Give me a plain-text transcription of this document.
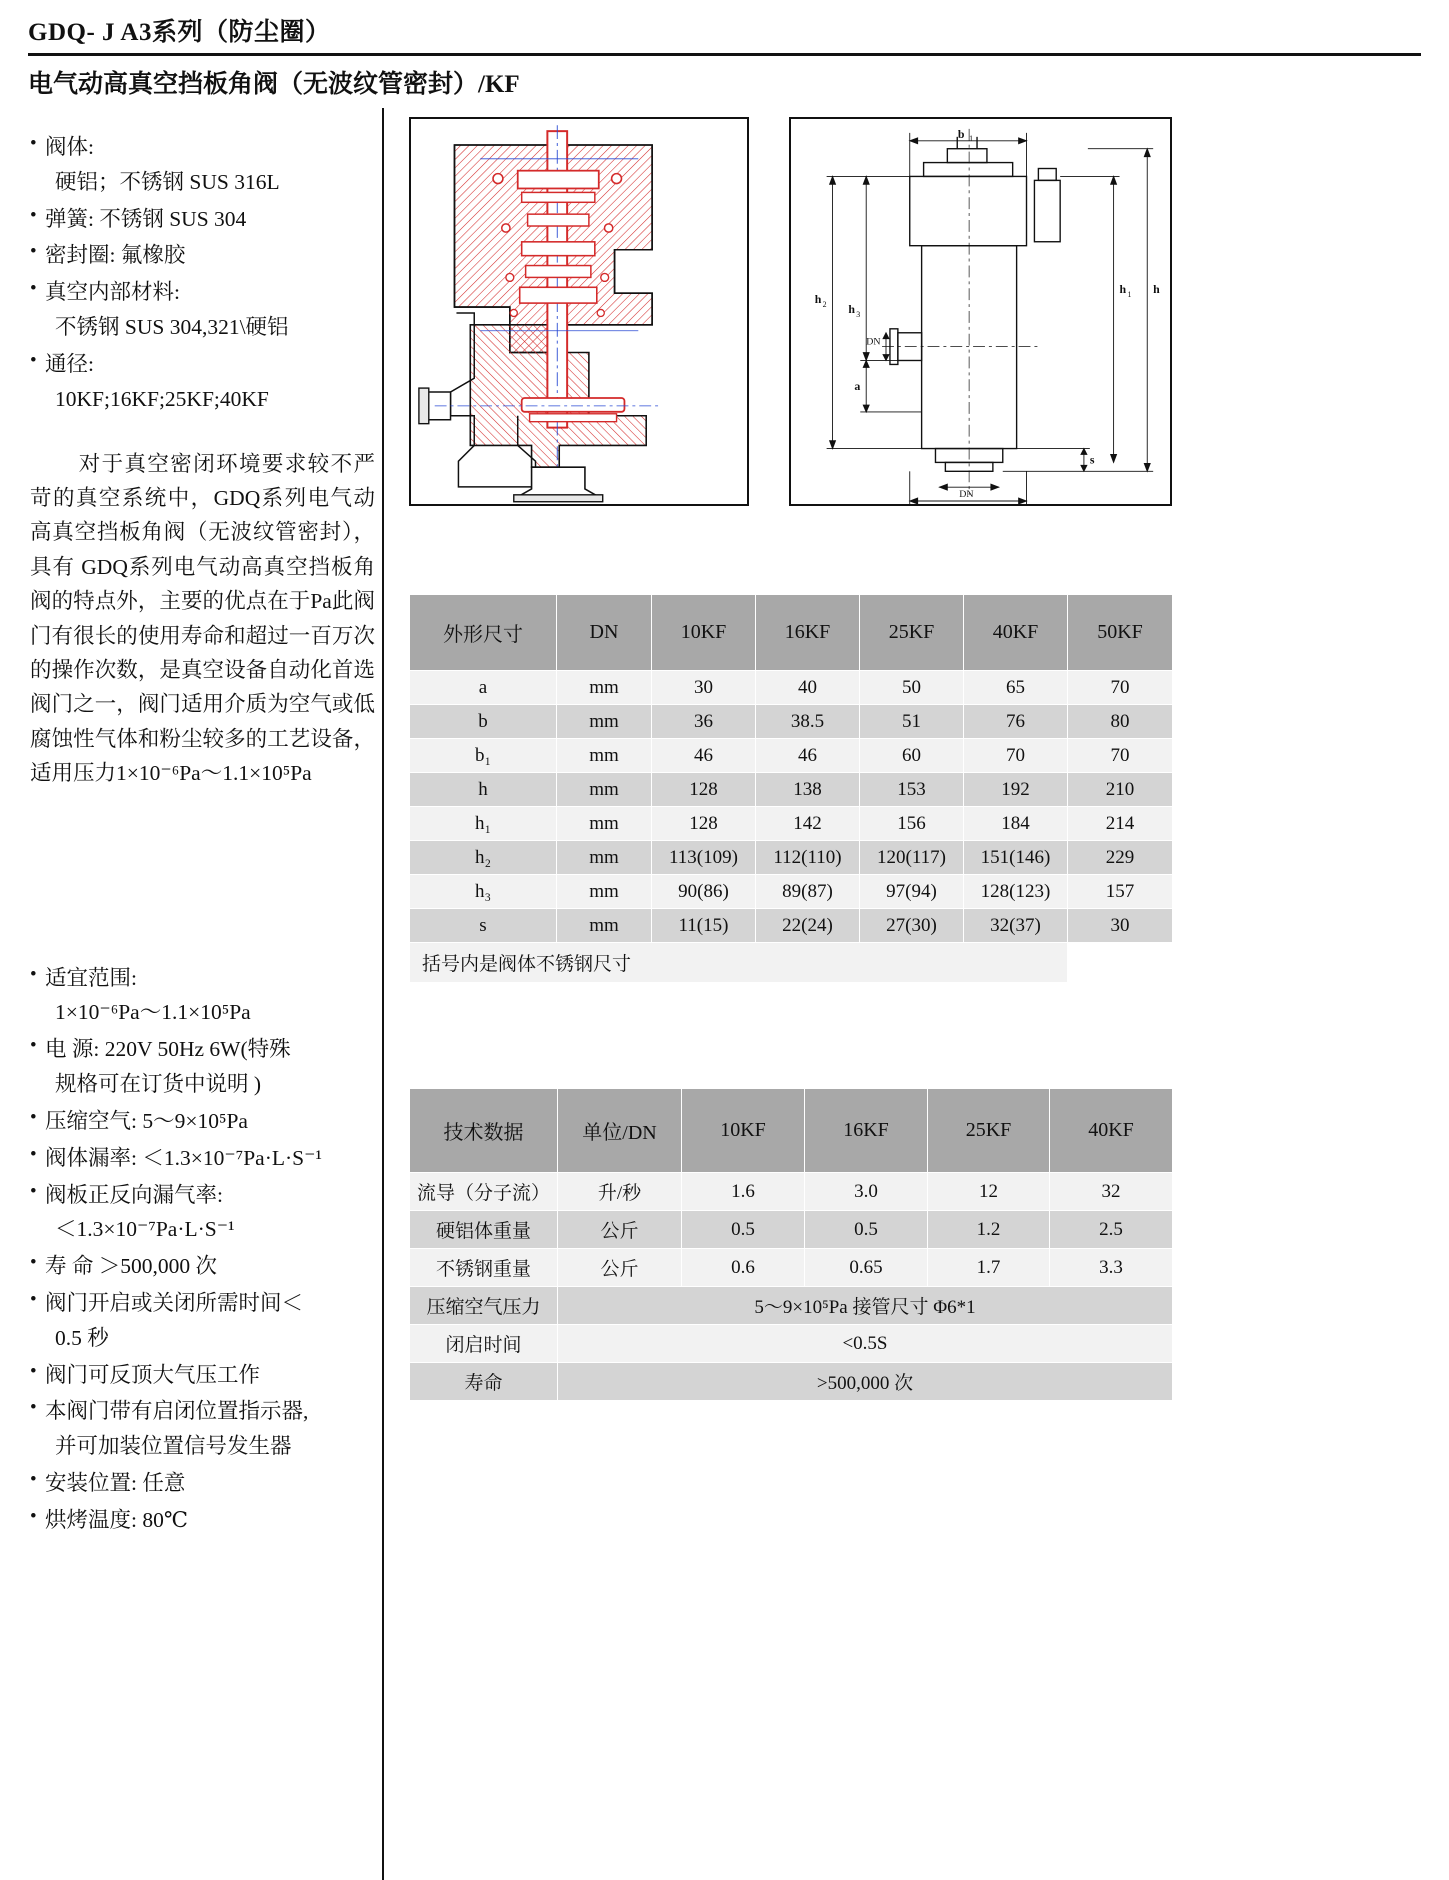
GDQ- J A3系列（防尘圈）
电气动高真空挡板角阀（无波纹管密封）/KF
• 阀体:
硬铝；不锈钢 SUS 316L
• 弹簧: 不锈钢 SUS 304
• 密封圈: 氟橡胶
• 真空内部材料:
不锈钢 SUS 304,321\硬铝
• 通径:
10KF;16KF;25KF;40KF
对于真空密闭环境要求较不严苛的真空系统中，GDQ系列电气动高真空挡板角阀（无波纹管密封），具有 GDQ系列电气动高真空挡板角阀的特点外，主要的优点在于Pa此阀门有很长的使用寿命和超过一百万次的操作次数，是真空设备自动化首选阀门之一，阀门适用介质为空气或低腐蚀性气体和粉尘较多的工艺设备，适用压力1×10⁻⁶Pa～1.1×10⁵Pa
• 适宜范围:
1×10⁻⁶Pa～1.1×10⁵Pa
• 电 源: 220V 50Hz 6W(特殊
规格可在订货中说明 )
• 压缩空气: 5～9×10⁵Pa
• 阀体漏率: ＜1.3×10⁻⁷Pa·L·S⁻¹
• 阀板正反向漏气率:
＜1.3×10⁻⁷Pa·L·S⁻¹
• 寿 命 ＞500,000 次
• 阀门开启或关闭所需时间＜
0.5 秒
• 阀门可反顶大气压工作
• 本阀门带有启闭位置指示器,
并可加装位置信号发生器
• 安装位置: 任意
• 烘烤温度: 80℃
b 1
h
h 1
h 2 h 3
DN
a
s
DN
外形尺寸	DN	10KF	16KF	25KF	40KF	50KF
a	mm	30	40	50	65	70
b	mm	36	38.5	51	76	80
b₁	mm	46	46	60	70	70
h	mm	128	138	153	192	210
h₁	mm	128	142	156	184	214
h₂	mm	113(109)	112(110)	120(117)	151(146)	229
h₃	mm	90(86)	89(87)	97(94)	128(123)	157
s	mm	11(15)	22(24)	27(30)	32(37)	30
括号内是阀体不锈钢尺寸						
技术数据	单位/DN	10KF	16KF	25KF	40KF
流导（分子流）	升/秒	1.6	3.0	12	32
硬铝体重量	公斤	0.5	0.5	1.2	2.5
不锈钢重量	公斤	0.6	0.65	1.7	3.3
压缩空气压力	5～9×10⁵Pa 接管尺寸 Φ6*1				
闭启时间	<0.5S				
寿命	>500,000 次				
